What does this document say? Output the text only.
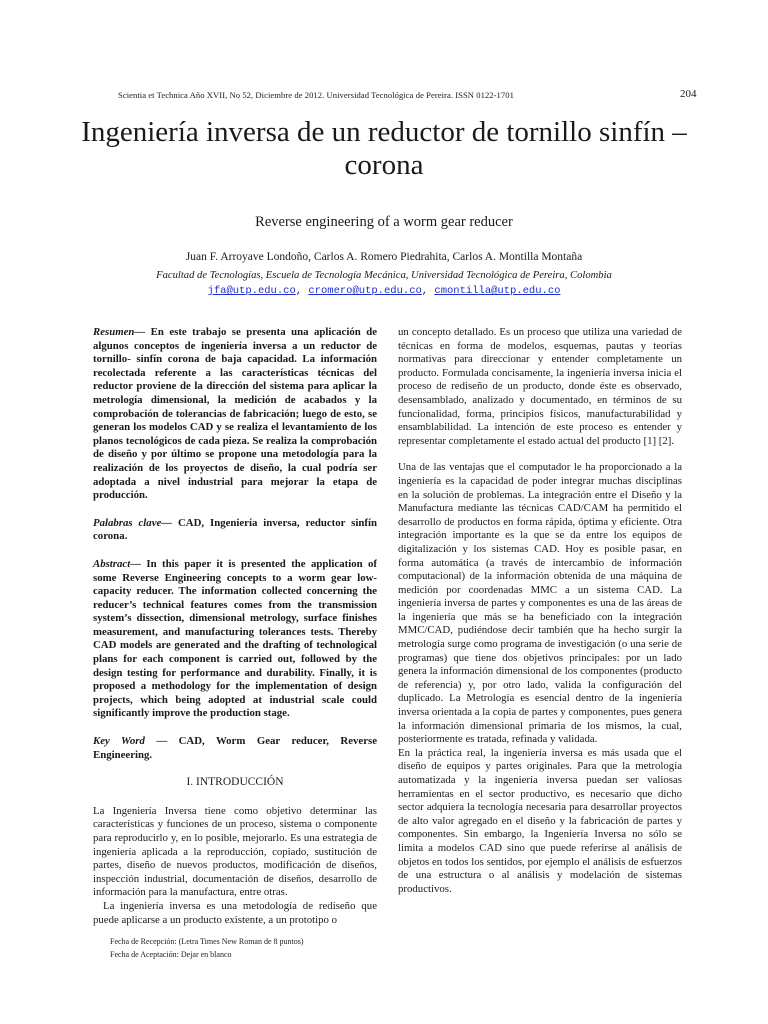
Scientia et Technica Año XVII, No 52, Diciembre de 2012. Universidad Tecnológica de Pereira. ISSN 0122-1701	204
Ingeniería inversa de un reductor de tornillo sinfín – corona
Reverse engineering of a worm gear reducer
Juan F. Arroyave Londoño, Carlos A. Romero Piedrahita, Carlos A. Montilla Montaña
Facultad de Tecnologías, Escuela de Tecnología Mecánica, Universidad Tecnológica de Pereira, Colombia
jfa@utp.edu.co, cromero@utp.edu.co, cmontilla@utp.edu.co

Resumen— En este trabajo se presenta una aplicación de algunos conceptos de ingeniería inversa a un reductor de tornillo- sinfín corona de baja capacidad. La información recolectada referente a las características técnicas del reductor proviene de la dirección del sistema para aplicar la metrología dimensional, la medición de acabados y la comprobación de tolerancias de fabricación; luego de esto, se generan los modelos CAD y se realiza el levantamiento de los planos tecnológicos de cada pieza. Se realiza la comprobación de diseño y por último se propone una metodología para la realización de los proyectos de diseño, la cual podría ser adoptada a nivel industrial para mejorar la etapa de producción.

Palabras clave— CAD, Ingeniería inversa, reductor sinfín corona.

Abstract— In this paper it is presented the application of some Reverse Engineering concepts to a worm gear low-capacity reducer. The information collected concerning the reducer’s technical features comes from the transmission system’s dissection, dimensional metrology, surface finishes measurement, and manufacturing tolerances tests. Thereby CAD models are generated and the drafting of technological plans for each component is carried out, followed by the design testing for performance and durability. Finally, it is proposed a methodology for the implementation of design projects, which being adopted at industrial scale could significantly improve the production stage.

Key Word — CAD, Worm Gear reducer, Reverse Engineering.

I. INTRODUCCIÓN

La Ingeniería Inversa tiene como objetivo determinar las características y funciones de un proceso, sistema o componente para reproducirlo y, en lo posible, mejorarlo. Es una estrategia de ingeniería aplicada a la reproducción, copiado, sustitución de partes, diseño de nuevos productos, modificación de diseños, inspección industrial, documentación de diseños, desarrollo de información para la manufactura, entre otras.

La ingeniería inversa es una metodología de rediseño que puede aplicarse a un producto existente, a un prototipo o

Fecha de Recepción: (Letra Times New Roman de 8 puntos)
Fecha de Aceptación: Dejar en blanco

un concepto detallado. Es un proceso que utiliza una variedad de técnicas en forma de modelos, esquemas, pautas y teorías normativas para direccionar y entender completamente un producto. Formulada concisamente, la ingeniería inversa inicia el proceso de rediseño de un producto, donde éste es observado, desensamblado, analizado y documentado, en términos de su funcionalidad, forma, principios físicos, manufacturabilidad y ensamblabilidad. La intención de este proceso es entender y representar completamente el estado actual del producto [1] [2].

Una de las ventajas que el computador le ha proporcionado a la ingeniería es la capacidad de poder integrar muchas disciplinas en la solución de problemas. La integración entre el Diseño y la Manufactura mediante las técnicas CAD/CAM ha permitido el desarrollo de productos en forma rápida, óptima y eficiente. Otra integración importante es la que se da entre los equipos de digitalización y los sistemas CAD. Hoy es posible pasar, en forma automática (a través de intercambio de información computacional) de la información obtenida de una máquina de medición por coordenadas MMC a un sistema CAD. La ingeniería inversa de partes y componentes es una de las áreas de la ingeniería que más se ha beneficiado con la integración MMC/CAD, pudiéndose decir también que ha hecho surgir la metrología surge como programa de investigación (o una serie de programas) que tiene dos objetivos principales: por un lado genera la información dimensional de los componentes (producto de referencia) y, por otro lado, valida la configuración del duplicado. La Metrología es esencial dentro de la ingeniería inversa orientada a la copia de partes y componentes, pues genera la información dimensional primaria de los mismos, la cual, posteriormente es tratada, refinada y validada.

En la práctica real, la ingeniería inversa es más usada que el diseño de equipos y partes originales. Para que la metrología automatizada y la ingeniería inversa puedan ser valiosas herramientas en el sector productivo, es necesario que dicho sector adquiera la tecnología necesaria para desarrollar proyectos de alto valor agregado en el diseño y la fabricación de partes y componentes. Sin embargo, la Ingeniería Inversa no sólo se limita a modelos CAD sino que puede referirse al análisis de objetos en todos los sentidos, por ejemplo el análisis de esfuerzos de una estructura o al análisis y modelación de sistemas productivos.
